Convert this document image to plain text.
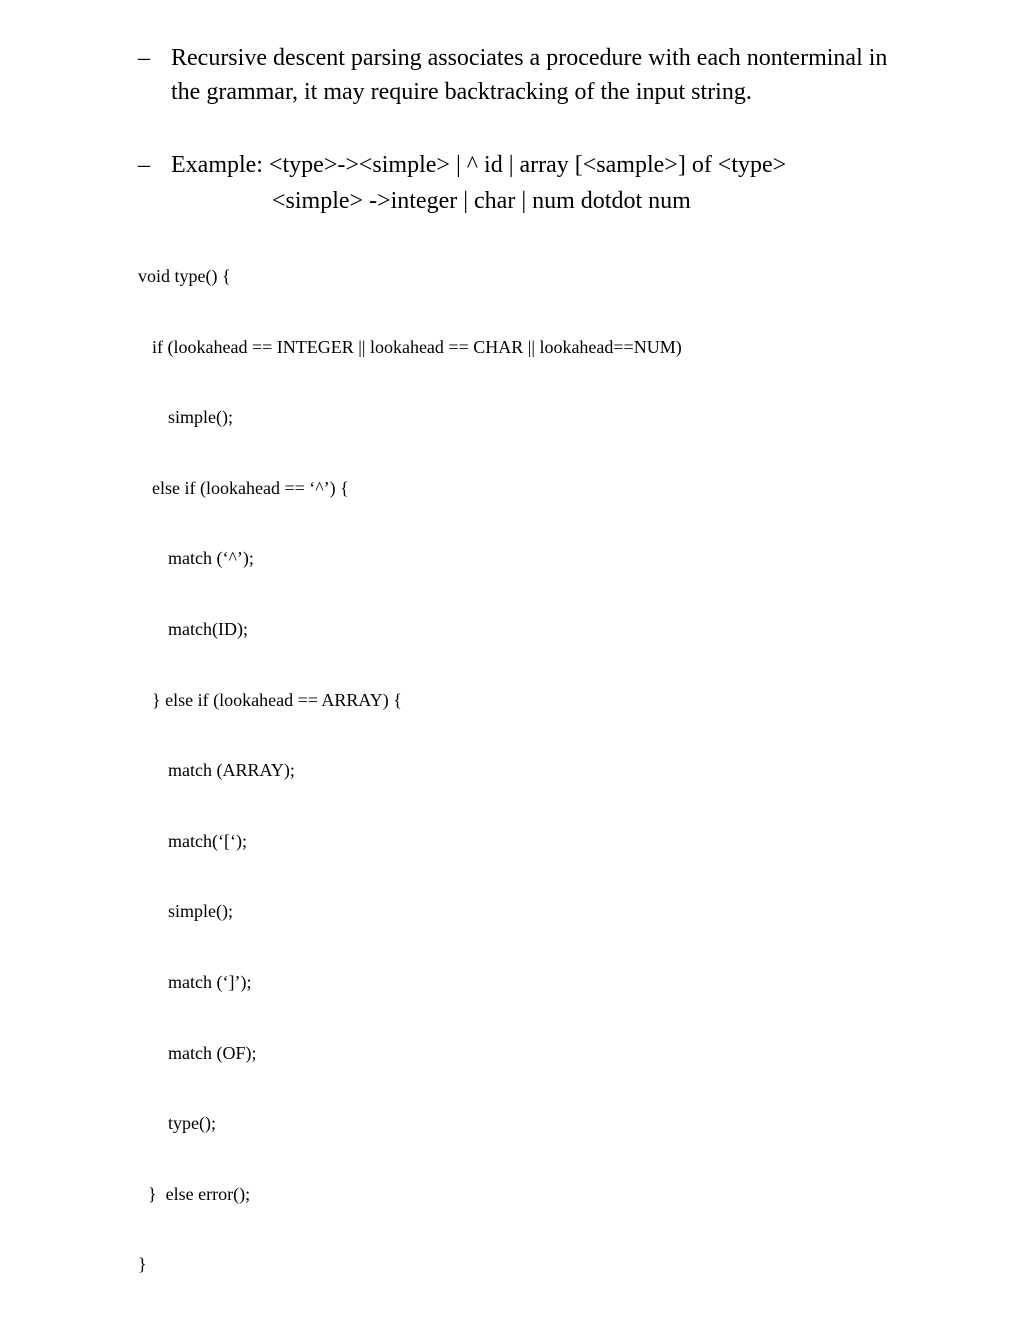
– Recursive descent parsing associates a procedure with each nonterminal in the grammar, it may require backtracking of the input string.
– Example: <type>-><simple> | ^ id | array [<sample>] of <type>
<simple> ->integer | char | num dotdot num

void type() {

if (lookahead == INTEGER || lookahead == CHAR || lookahead==NUM)

simple();

else if (lookahead == ‘^’) {

match (‘^’);

match(ID);

} else if (lookahead == ARRAY) {

match (ARRAY);

match(‘[‘);

simple();

match (‘]’);

match (OF);

type();

}  else error();

}
